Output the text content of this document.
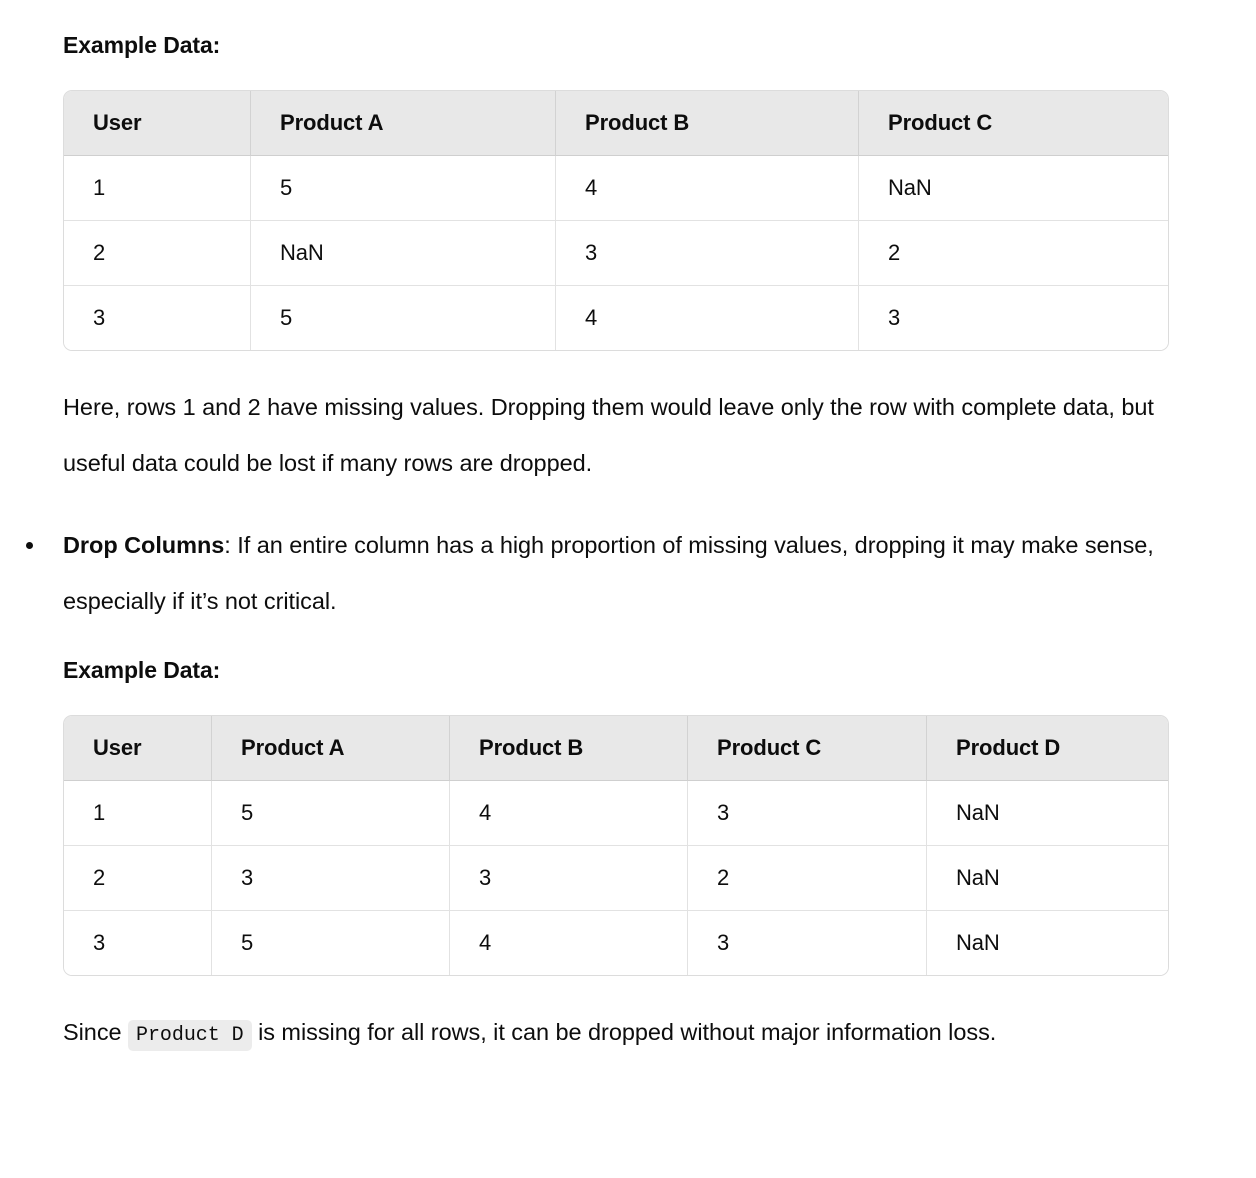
Example Data:
User	Product A	Product B	Product C
1	5	4	NaN
2	NaN	3	2
3	5	4	3
Here, rows 1 and 2 have missing values. Dropping them would leave only the row with complete data, but useful data could be lost if many rows are dropped.
Drop Columns: If an entire column has a high proportion of missing values, dropping it may make sense, especially if it’s not critical.
Example Data:
User	Product A	Product B	Product C	Product D
1	5	4	3	NaN
2	3	3	2	NaN
3	5	4	3	NaN
Since Product D is missing for all rows, it can be dropped without major information loss.
